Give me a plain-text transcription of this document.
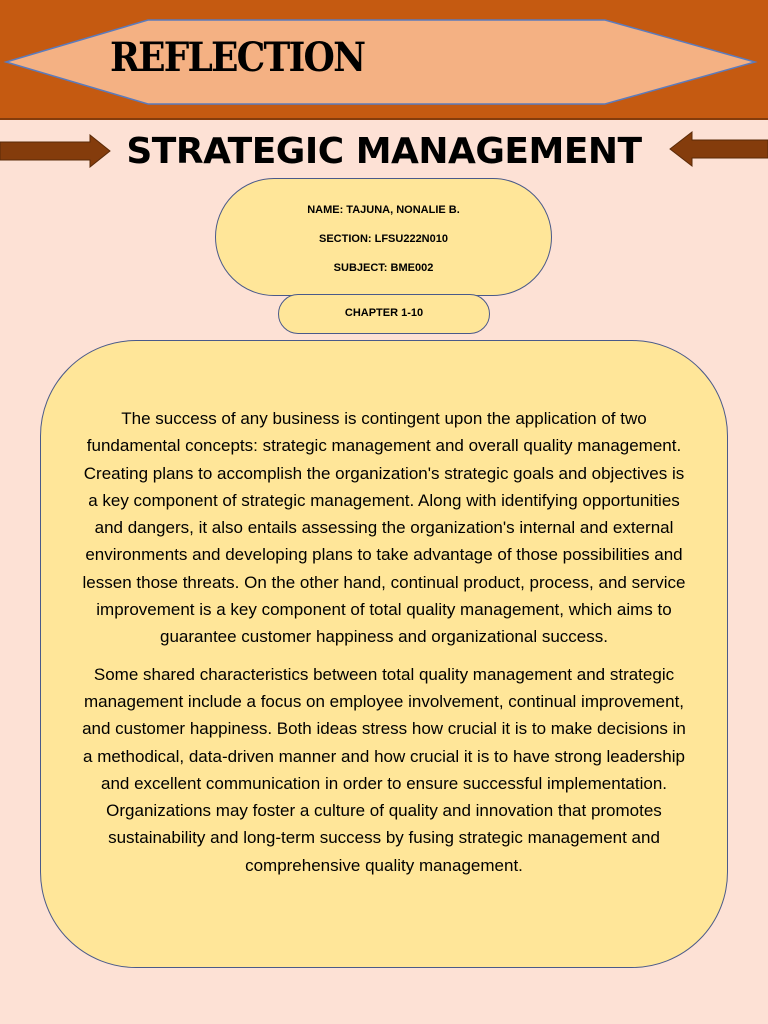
REFLECTION
STRATEGIC MANAGEMENT
NAME: TAJUNA, NONALIE B.
SECTION: LFSU222N010
SUBJECT: BME002
CHAPTER 1-10

The success of any business is contingent upon the application of two fundamental concepts: strategic management and overall quality management. Creating plans to accomplish the organization's strategic goals and objectives is a key component of strategic management. Along with identifying opportunities and dangers, it also entails assessing the organization's internal and external environments and developing plans to take advantage of those possibilities and lessen those threats. On the other hand, continual product, process, and service improvement is a key component of total quality management, which aims to guarantee customer happiness and organizational success.

Some shared characteristics between total quality management and strategic management include a focus on employee involvement, continual improvement, and customer happiness. Both ideas stress how crucial it is to make decisions in a methodical, data-driven manner and how crucial it is to have strong leadership and excellent communication in order to ensure successful implementation. Organizations may foster a culture of quality and innovation that promotes sustainability and long-term success by fusing strategic management and comprehensive quality management.
